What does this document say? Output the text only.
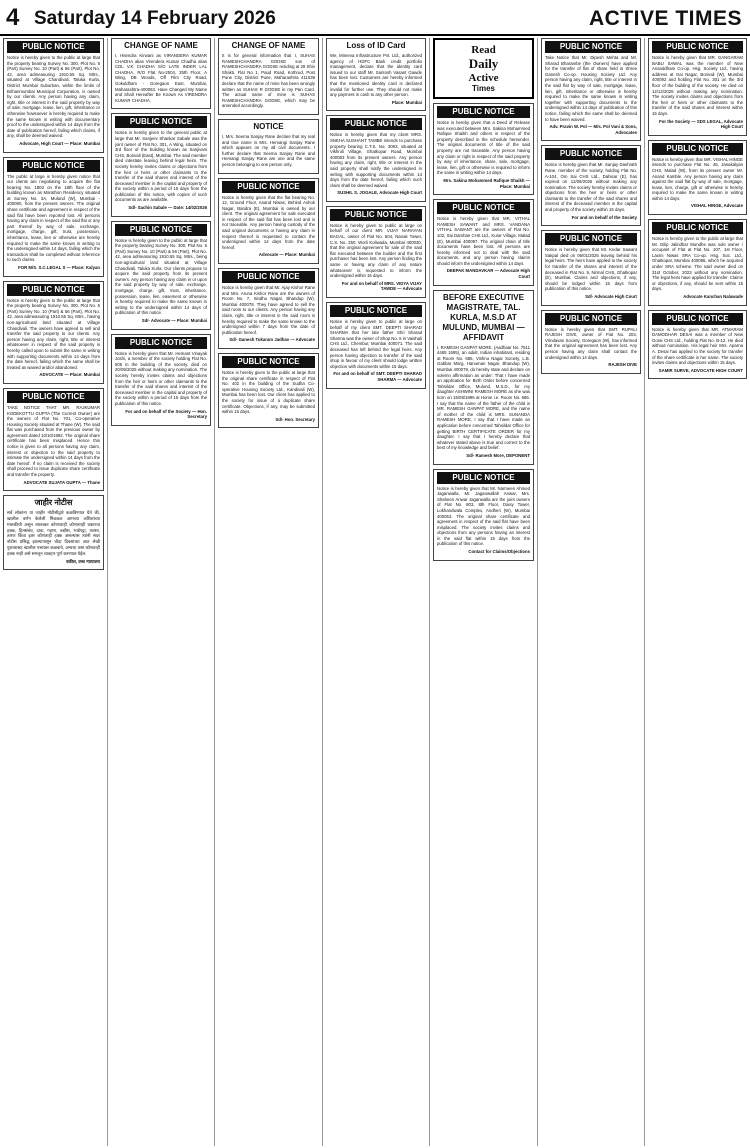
4 Saturday 14 February 2026	ACTIVE TIMES
PUBLIC NOTICE

Notice is hereby given to the public at large that the property bearing Survey No. 300, Plot No. 5 (Part) Survey No. 10 (Part) & 56 (Part), Plot No. 42, area admeasuring 1910.55 Sq. Mtrs., situated at Village Chandivali, Taluka Kurla, District Mumbai Suburban, within the limits of Brihanmumbai Municipal Corporation, is owned by our clients. Any person having any claim, right, title or interest in the said property by way of sale, mortgage, lease, lien, gift, inheritance or otherwise howsoever is hereby required to make the same known in writing with documentary proof to the undersigned within 14 days from the date of publication hereof, failing which claims, if any, shall be deemed waived.

Advocate, High Court — Place: Mumbai

PUBLIC NOTICE

The public at large is hereby given notice that our clients are negotiating to acquire the flat bearing No. 1803 on the 18th floor of the building known as Marathon Residency situated at Survey No. 3A, Mulund (W), Mumbai - 400080, from the present owners. The original share certificate and agreement in respect of the said flat have been reported lost. All persons having any claim in respect of the said flat or any part thereof by way of sale, exchange, mortgage, charge, gift, trust, possession, inheritance, lease, lien or otherwise are hereby required to make the same known in writing to the undersigned within 14 days, failing which the transaction shall be completed without reference to such claims.

FOR M/S. S.C.LEGAL S — Place: Kalyan

PUBLIC NOTICE

Notice is hereby given to the public at large that the property bearing Survey No. 300, Plot No. 5 (Part) Survey No. 10 (Part) & 56 (Part), Plot No. 42, area admeasuring 1910.55 Sq. Mtrs., having non-agricultural land situated at Village Chandivali. The owners have agreed to sell and transfer the said property to our clients. Any person having any claim, right, title or interest whatsoever in respect of the said property is hereby called upon to submit the same in writing with supporting documents within 14 days from the date hereof, failing which the same shall be treated as waived and/or abandoned.

ADVOCATE — Place: Mumbai

PUBLIC NOTICE

TAKE NOTICE THAT MR. RAJKUMAR KODEKOTTU GUPTA (The Current Owner) are the owners of Flat No. 701, Co-operative Housing Society situated at Thane (W). The said flat was purchased from the previous owner by agreement dated 10/10/1992. The original share certificate has been misplaced. Hence this notice is given to all persons having any claim, interest or objection to the said property to intimate the undersigned within 14 days from the date hereof. If no claim is received the society shall proceed to issue duplicate share certificate and transfer the property.

ADVOCATE SUJATA GUPTA — Thane

जाहीर नोटीस

सर्व लोकांना या जाहीर नोटीसीद्वारे कळविण्यात येते की, खालील वर्णन केलेली मिळकत आमच्या अशिलांच्या मालकीची असून त्याबाबत कोणाचाही कोणत्याही प्रकारचा हक्क, हितसंबंध, दावा, गहाण, बक्षीस, भाडेपट्टा, वारसा, तारण किंवा इतर कोणताही हक्क असल्यास त्यांनी सदर नोटीस प्रसिद्ध झाल्यापासून चौदा दिवसांच्या आत लेखी पुराव्यासह खालील पत्त्यावर कळवावे, अन्यथा तसा कोणताही हक्क नाही असे समजून व्यवहार पूर्ण करण्यात येईल.

वकील, उच्च न्यायालय

CHANGE OF NAME

I, Hitendra Kirwani as VIRANDERA KUMAR CHADHA alias Virendera Kumar Chadha alias CDL V.K CHADHA S/O LATE INDER LAL CHADHA, R/O Flat No-2504, 25th Floor, A Wing, DB Woods, Off Film City Road, Gokuldham - Goregaon East, Mumbai, Maharashtra-400063. Have Changed My Name and Shall Hereafter Be Known As VIRENDRA KUMAR CHADHA.

PUBLIC NOTICE

Notice is hereby given to the general public at large that Mr. Sanjeev Shankar Sabale was the joint owner of Flat No. 301, A Wing, situated on 3rd floor of the building known as Sanjivani CHS, Borivali (East), Mumbai. The said member died intestate leaving behind legal heirs. The society hereby invites claims or objections from the heir or heirs or other claimants to the transfer of the said shares and interest of the deceased member in the capital and property of the society within a period of 15 days from the publication of this notice, with copies of such documents as are available.

Sd/- Sachin Sabale — Date: 14/02/2026

PUBLIC NOTICE

Notice is hereby given to the public at large that the property bearing Survey No. 300, Plot No. 5 (Part) Survey No. 10 (Part) & 56 (Part), Plot No. 42, area admeasuring 1910.55 Sq. Mtrs., being non-agricultural land situated at Village Chandivali, Taluka Kurla. Our clients propose to acquire the said property from its present owners. Any person having any claim in or upon the said property by way of sale, exchange, mortgage, charge, gift, trust, inheritance, possession, lease, lien, easement or otherwise is hereby required to make the same known in writing to the undersigned within 14 days of publication of this notice.

Sd/- Advocate — Place: Mumbai

PUBLIC NOTICE

Notice is hereby given that Mr. Hemant Vinayak Joshi, a member of the society holding Flat No. 505 in the building of the society, died on 20/09/2025 without making any nomination. The society hereby invites claims and objections from the heir or heirs or other claimants to the transfer of the said shares and interest of the deceased member in the capital and property of the society within a period of 15 days from the publication of this notice.

For and on behalf of the Society — Hon. Secretary

CHANGE OF NAME

It is for general information that I, SUHAS RAMESHCHANDRA GODSE son of RAMESHCHANDRA GODSE residing at 28 Shiv Shakti, Flat No 1, Paud Road, Kothrud, Post Pune City, District Pune, Maharashtra 411038 declare that the name of mine has been wrongly written as SUHAS R GODSE in my Pan Card. The actual name of mine is SUHAS RAMESHCHANDRA GODSE, which may be amended accordingly.

NOTICE

I, Mrs. Seema Sanjay Rane declare that my real and true name is Mrs. Hemangi Sanjay Rane which appears on my all civil documents. I further declare that Seema Sanjay Rane and Hemangi Sanjay Rane are one and the same person belonging to one person only.

PUBLIC NOTICE

Notice is hereby given that the flat bearing No. 12, Ground Floor, Anand Niwas, Behind Ashok Nagar, Bandra (E), Mumbai is owned by our client. The original agreement for sale executed in respect of the said flat has been lost and is not traceable. Any person having custody of the said original documents or having any claim in respect thereof is requested to contact the undersigned within 14 days from the date hereof.

Advocate — Place: Mumbai

PUBLIC NOTICE

Notice is hereby given that Mr. Ajay Kishor Rane and Mrs. Aruna Kishor Rane are the owners of Room No. 7, Sindhu Nagar, Bhandup (W), Mumbai 400078. They have agreed to sell the said room to our clients. Any person having any claim, right, title or interest in the said room is hereby required to make the same known to the undersigned within 7 days from the date of publication hereof.

Sd/- Ganesh Tukaram Jadhav — Advocate

PUBLIC NOTICE

Notice is hereby given to the public at large that the original share certificate in respect of Flat No. 402 in the building of the Sudha Co-operative Housing Society Ltd., Kandivali (W), Mumbai has been lost. Our client has applied to the society for issue of a duplicate share certificate. Objections, if any, may be submitted within 15 days.

Sd/- Hon. Secretary

Loss of ID Card

We, Minerva Infrastructure Pvt. Ltd., authorized agency of HDFC Bank credit portfolio management, declare that the identity card issued to our staff Mr. Santosh Vasant Gawde has been lost. Customers are hereby informed that the mentioned identity card is declared invalid for further use. They should not make any payment in cash to any other person.

Place: Mumbai

PUBLIC NOTICE

Notice is hereby given that my client MRS. SNEHA SUSHANT TAMBE intends to purchase property bearing C.T.S. No. 3093, situated at Vikhroli Village, Ghatkopar Road, Mumbai 400083 from its present owners. Any person having any claim, right, title or interest in the said property shall notify the undersigned in writing with supporting documents within 14 days from the date hereof, failing which such claim shall be deemed waived.

SUSHIL S. JOGALE, Advocate High Court

PUBLIC NOTICE

Notice is hereby given to public at large on behalf of our client MR. VIJAY NARAYAN BAGAL, owner of Flat No. 604, Nanak Tower, C.S. No. 350, Worli Koliwada, Mumbai 400030, that the original agreement for sale of the said flat executed between the builder and the first purchaser has been lost. Any person finding the same or having any claim of any nature whatsoever is requested to inform the undersigned within 15 days.

For and on behalf of MRS. VIDYA VIJAY TAWDE — Advocate

PUBLIC NOTICE

Notice is hereby given to public at large on behalf of my client SMT. DEEPTI SHARAD SHARMA that her late father Shri Sharad Sharma was the owner of Shop No. 5 in Vaishali CHS Ltd., Chembur, Mumbai 400071. The said deceased has left behind the legal heirs. Any person having objection to transfer of the said shop in favour of my client should lodge written objection with documents within 15 days.

For and on behalf of SMT. DEEPTI SHARAD SHARMA — Advocate

Read
Daily
Active
Times
PUBLIC NOTICE

Notice is hereby given that a Deed of Release was executed between Mrs. Sakina Mohammed Rafique Shaikh and others in respect of the property described in the schedule hereunder. The original documents of title of the said property are not traceable. Any person having any claim or right in respect of the said property by way of inheritance, share, sale, mortgage, lease, lien, gift or otherwise is required to inform the same in writing within 14 days.

Mrs. Sakina Mohammed Rafique Shaikh — Place: Mumbai

PUBLIC NOTICE

Notice is hereby given that MR. VITHAL RAMESH SAWANT and MRS. VANDANA VITHAL SAWANT are the owners of Flat No. 102, Sai Darshan CHS Ltd., Kurar Village, Malad (E), Mumbai 400097. The original chain of title documents have been lost. All persons are hereby informed not to deal with the said documents, and any person having claims should inform the undersigned within 14 days.

DEEPAK MANDAVKAR — Advocate High Court

BEFORE EXECUTIVE MAGISTRATE, TAL. KURLA, M.S.D AT MULUND, MUMBAI — AFFIDAVIT

I, RAMESH GANPAT MORE, (Aadhaar No. 7511 4465 1695), an adult, Indian inhabitant, residing at Room No. 686, Vishnu Nagar Society, L.B. Gabbar Marg, Hanuman Nagar, Bhandup (W), Mumbai 400078, do hereby state and declare on solemn affirmation as under: That I have made an application for Birth Order before concerned Tahsildar Office, Mulund, M.S.D., for my daughter ASHWINI RAMESH MORE as she was born on 15/08/1996 at Home i.e. Room No. 686. I say that the name of the father of the child is MR. RAMESH GANPAT MORE, and the name of mother of the child is MRS. SUNANDA RAMESH MORE. I say that I have made an application before concerned Tahsildar Office for getting BIRTH CERTIFICATE ORDER for my daughter. I say that I hereby declare that whatever stated above is true and correct to the best of my knowledge and belief.

Sd/- Ramesh More, DEPONENT

PUBLIC NOTICE

Notice is hereby given that Mr. Narmeen Ahmed Jaganwalla, Mr. Jaganwallah Anwar, Mrs. Shaheen Anwar Jaganwalla are the joint owners of Flat No. 803, 8th Floor, Daisy Tower, Lokhandwala Complex, Andheri (W), Mumbai 400053. The original share certificate and agreement in respect of the said flat have been misplaced. The society invites claims and objections from any persons having an interest in the said flat within 15 days from the publication of this notice.

Contact for Claims/Objections

PUBLIC NOTICE

Take Notice that Mr. Dipesh Mehta and Mr. Sharad Bharambe (the Owners) have applied for the transfer of flat of share held in Shree Ganesh Co-op. Housing Society Ltd. Any person having any claim, right, title or interest in the said flat by way of sale, mortgage, lease, lien, gift, inheritance or otherwise is hereby required to make the same known in writing together with supporting documents to the undersigned within 14 days of publication of this notice, failing which the same shall be deemed to have been waived.

Adv. Pravin W. Pol — M/s. Pol Vani & Sons, Advocates

PUBLIC NOTICE

Notice is hereby given that Mr. Sanjay Dashrath Rane, member of the society, holding Flat No. A-104, Om Sai CHS Ltd., Dahisar (E), has expired on 12/08/2025 without making any nomination. The society hereby invites claims or objections from the heir or heirs or other claimants to the transfer of the said shares and interest of the deceased member in the capital and property of the society within 15 days.

For and on behalf of the Society

PUBLIC NOTICE

Notice is hereby given that Mr. Kedar Sawant Sakpal died on 06/01/2025 leaving behind his legal heirs. The heirs have applied to the society for transfer of the shares and interest of the deceased in Flat No. 9, Nirmal CHS, Ghatkopar (E), Mumbai. Claims and objections, if any, should be lodged within 15 days from publication of this notice.

Sd/- Advocate High Court

PUBLIC NOTICE

Notice is hereby given that SMT. RUPALI RAJESH DIVE, owner of Flat No. 203, Vrindavan Society, Goregaon (W), has informed that the original agreement has been lost. Any person having any claim shall contact the undersigned within 14 days.

RAJESH DIVE

PUBLIC NOTICE

Notice is hereby given that MR. GANGARAM BABU SAWAL was the member of New Ananddham Co-op. Hsg. Society Ltd., having address at Gai Nagar, Borivali (W), Mumbai 400092 and holding Flat No. 301 on the 3rd floor of the building of the society. He died on 12/12/2025 without making any nomination. The society invites claims and objections from the heir or heirs or other claimants to the transfer of the said shares and interest within 15 days.

For the Society — SDS LEGAL, Advocate High Court

PUBLIC NOTICE

Notice is hereby given that MR. VISHAL HINGE intends to purchase Flat No. 45, Janakalyan CHS, Malad (W), from its present owner Mr. Anand Kamble. Any person having any claim against the said flat by way of sale, mortgage, lease, lien, charge, gift or otherwise is hereby required to make the same known in writing within 14 days.

VISHAL HINGE, Advocate

PUBLIC NOTICE

Notice is hereby given to the public at large that Mr. Dilip Jalindhar Mundhe was sole owner / occupant of Flat at Flat No. 107, 1st Floor, Laxmi Niwas SRA Co-op. Hsg. Soc. Ltd., Ghatkopar, Mumbai 400086, which he acquired under SRA scheme. The said owner died on 31st October, 2023 without any nomination. The legal heirs have applied for transfer. Claims or objections, if any, should be sent within 15 days.

Advocate Kanchan Nalawade

PUBLIC NOTICE

Notice is hereby given that MR. ATMARAM DAMODHAR DESAI was a member of New Gorai CHS Ltd., holding Flat No. B-12. He died without nomination. His legal heir Mrs. Aparna A. Desai has applied to the society for transfer of the share certificate in her name. The society invites claims and objections within 15 days.

SAMIR SURVE, ADVOCATE HIGH COURT
